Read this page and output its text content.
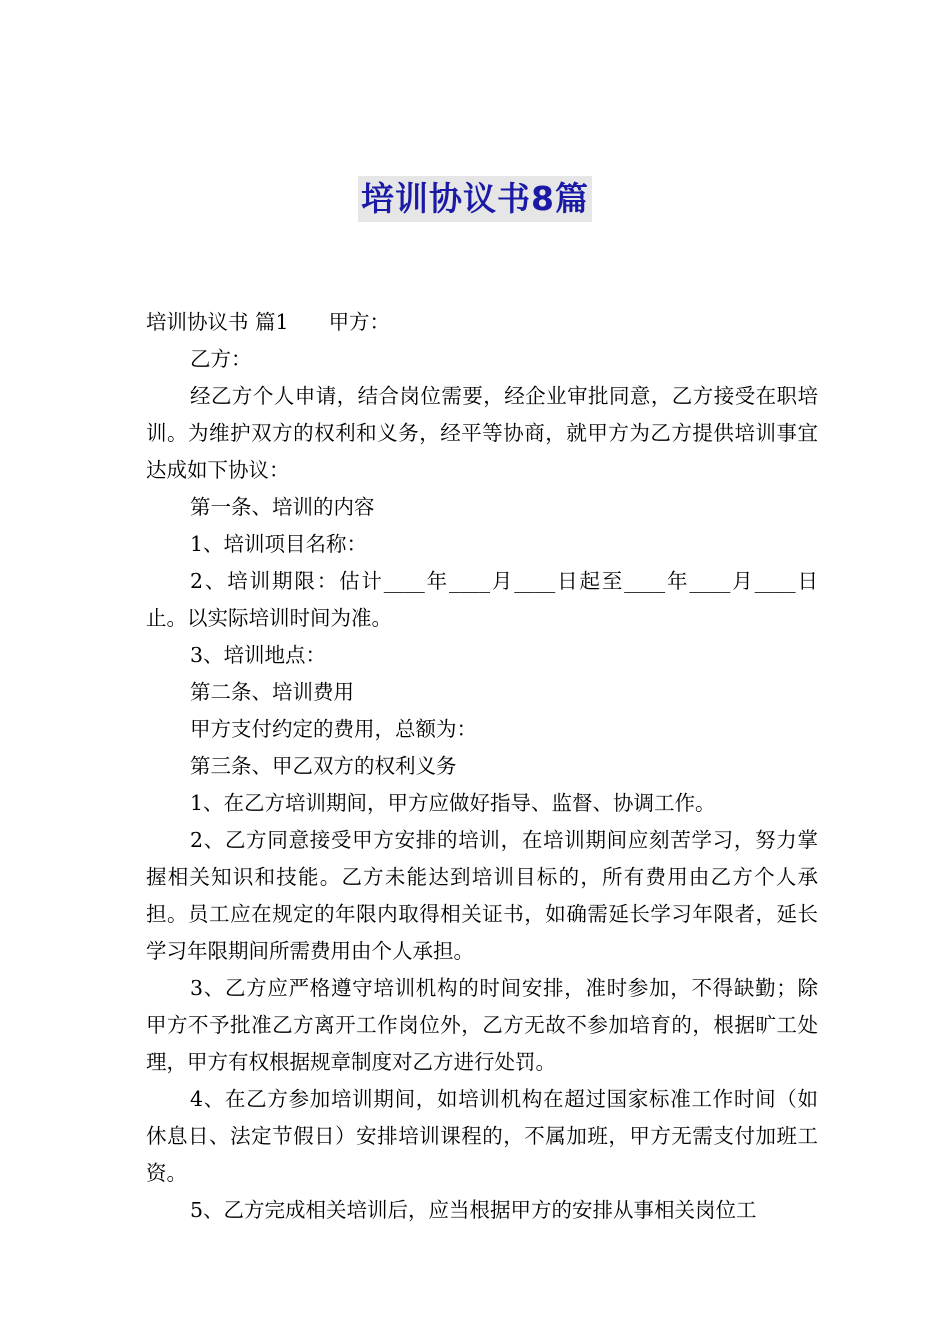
培训协议书8篇

培训协议书 篇1 甲方：

乙方：

经乙方个人申请，结合岗位需要，经企业审批同意，乙方接受在职培训。为维护双方的权利和义务，经平等协商，就甲方为乙方提供培训事宜达成如下协议：

第一条、培训的内容

1、培训项目名称：

2、培训期限：估计____年____月____日起至____年____月____日止。以实际培训时间为准。

3、培训地点：

第二条、培训费用

甲方支付约定的费用，总额为：

第三条、甲乙双方的权利义务

1、在乙方培训期间，甲方应做好指导、监督、协调工作。

2、乙方同意接受甲方安排的培训，在培训期间应刻苦学习，努力掌握相关知识和技能。乙方未能达到培训目标的，所有费用由乙方个人承担。员工应在规定的年限内取得相关证书，如确需延长学习年限者，延长学习年限期间所需费用由个人承担。

3、乙方应严格遵守培训机构的时间安排，准时参加，不得缺勤；除甲方不予批准乙方离开工作岗位外，乙方无故不参加培育的，根据旷工处理，甲方有权根据规章制度对乙方进行处罚。

4、在乙方参加培训期间，如培训机构在超过国家标准工作时间（如休息日、法定节假日）安排培训课程的，不属加班，甲方无需支付加班工资。

5、乙方完成相关培训后，应当根据甲方的安排从事相关岗位工
